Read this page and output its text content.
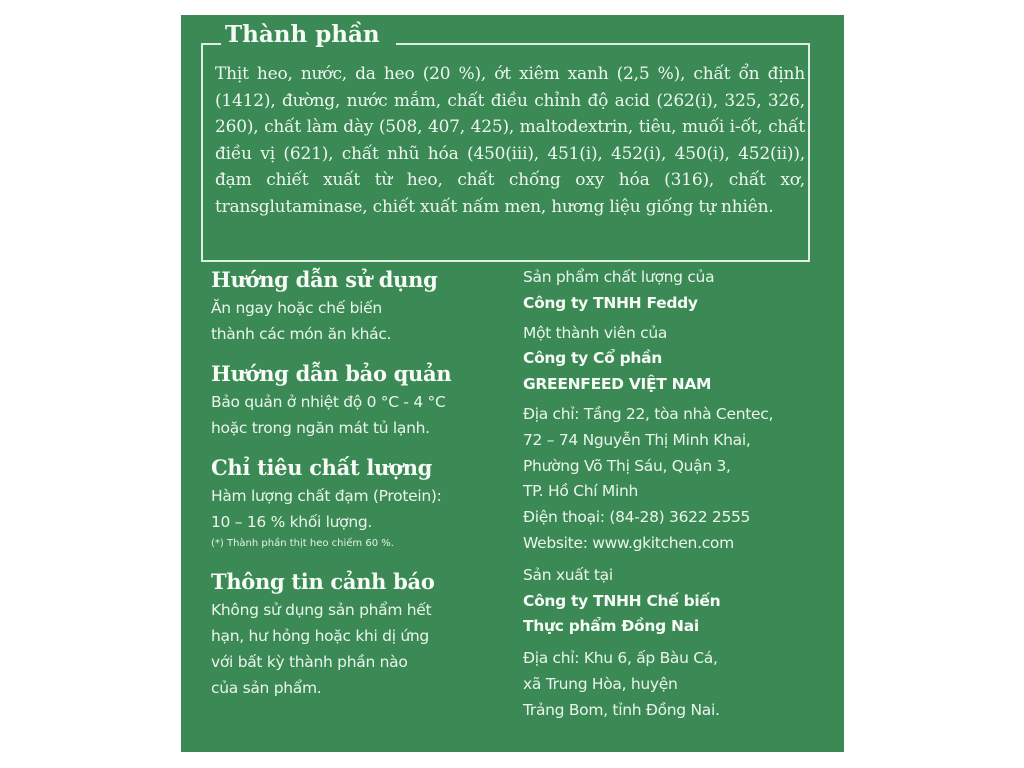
Thành phần
Thịt heo, nước, da heo (20 %), ớt xiêm xanh (2,5 %), chất ổn định (1412), đường, nước mắm, chất điều chỉnh độ acid (262(i), 325, 326, 260), chất làm dày (508, 407, 425), maltodextrin, tiêu, muối i-ốt, chất điều vị (621), chất nhũ hóa (450(iii), 451(i), 452(i), 450(i), 452(ii)), đạm chiết xuất từ heo, chất chống oxy hóa (316), chất xơ, transglutaminase, chiết xuất nấm men, hương liệu giống tự nhiên.
Hướng dẫn sử dụng
Ăn ngay hoặc chế biến
thành các món ăn khác.
Hướng dẫn bảo quản
Bảo quản ở nhiệt độ 0 °C - 4 °C
hoặc trong ngăn mát tủ lạnh.
Chỉ tiêu chất lượng
Hàm lượng chất đạm (Protein):
10 – 16 % khối lượng.
(*) Thành phần thịt heo chiếm 60 %.
Thông tin cảnh báo
Không sử dụng sản phẩm hết
hạn, hư hỏng hoặc khi dị ứng
với bất kỳ thành phần nào
của sản phẩm.
Sản phẩm chất lượng của
Công ty TNHH Feddy
Một thành viên của
Công ty Cổ phần
GREENFEED VIỆT NAM
Địa chỉ: Tầng 22, tòa nhà Centec,
72 – 74 Nguyễn Thị Minh Khai,
Phường Võ Thị Sáu, Quận 3,
TP. Hồ Chí Minh
Điện thoại: (84-28) 3622 2555
Website: www.gkitchen.com
Sản xuất tại
Công ty TNHH Chế biến
Thực phẩm Đồng Nai
Địa chỉ: Khu 6, ấp Bàu Cá,
xã Trung Hòa, huyện
Trảng Bom, tỉnh Đồng Nai.
